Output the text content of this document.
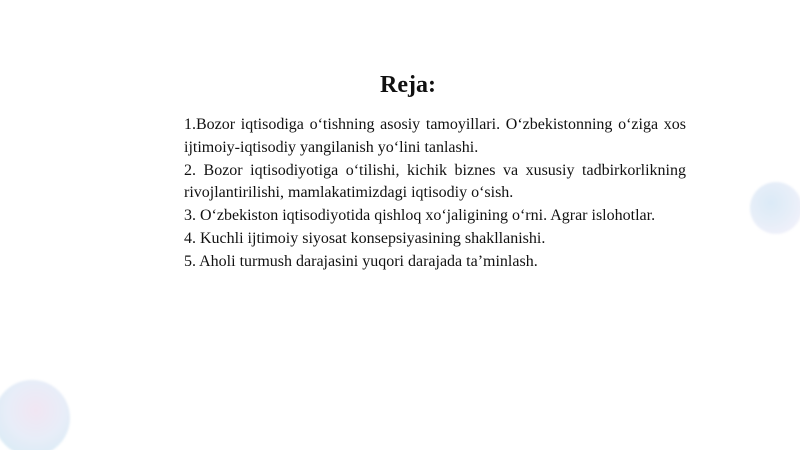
Reja:

1.Bozor iqtisodiga o‘tishning asosiy tamoyillari. O‘zbekistonning o‘ziga xos ijtimoiy-iqtisodiy yangilanish yo‘lini tanlashi.

2. Bozor iqtisodiyotiga o‘tilishi, kichik biznes va xususiy tadbirkorlikning rivojlantirilishi, mamlakatimizdagi iqtisodiy o‘sish.

3. O‘zbekiston iqtisodiyotida qishloq xo‘jaligining o‘rni. Agrar islohotlar.

4. Kuchli ijtimoiy siyosat konsepsiyasining shakllanishi.

5. Aholi turmush darajasini yuqori darajada ta’minlash.
